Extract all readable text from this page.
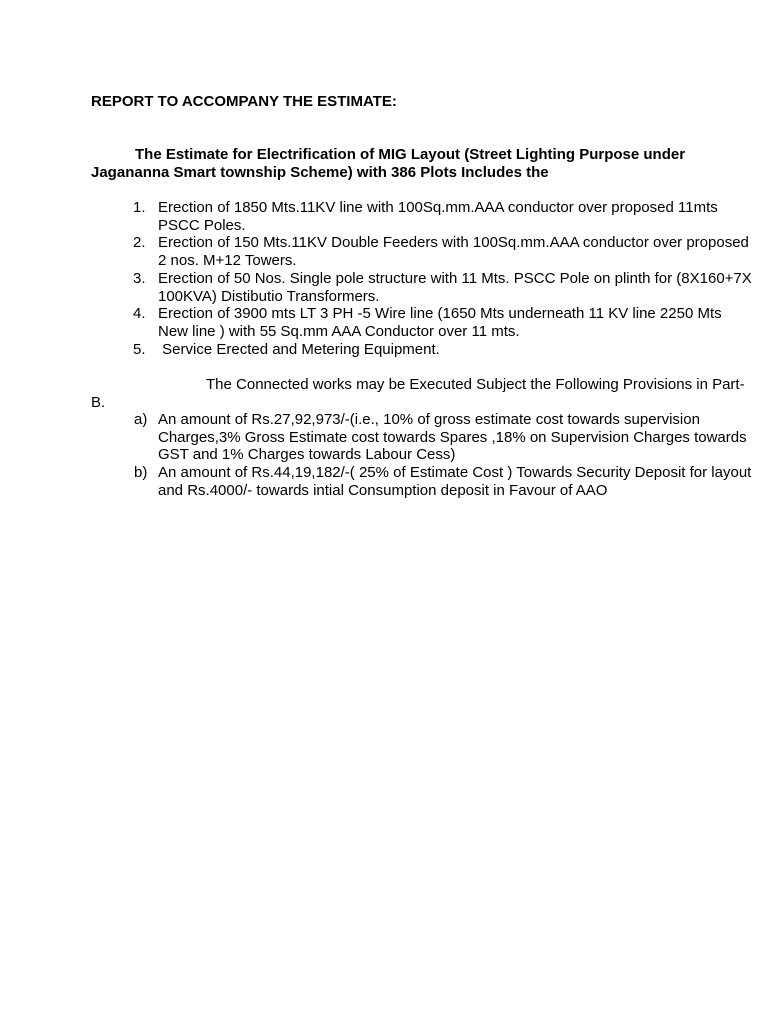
REPORT TO ACCOMPANY THE ESTIMATE:

The Estimate for Electrification of MIG Layout (Street Lighting Purpose under Jagananna Smart township Scheme) with 386 Plots Includes the

1. Erection of 1850 Mts.11KV line with 100Sq.mm.AAA conductor over proposed 11mts PSCC Poles.
2. Erection of 150 Mts.11KV Double Feeders with 100Sq.mm.AAA conductor over proposed 2 nos. M+12 Towers.
3. Erection of 50 Nos. Single pole structure with 11 Mts. PSCC Pole on plinth for (8X160+7X 100KVA) Distibutio Transformers.
4. Erection of 3900 mts LT 3 PH -5 Wire line (1650 Mts underneath 11 KV line 2250 Mts New line ) with 55 Sq.mm AAA Conductor over 11 mts.
5. Service Erected and Metering Equipment.

The Connected works may be Executed Subject the Following Provisions in Part-B.

a) An amount of Rs.27,92,973/-(i.e., 10% of gross estimate cost towards supervision Charges,3% Gross Estimate cost towards Spares ,18% on Supervision Charges towards GST and 1% Charges towards Labour Cess)
b) An amount of Rs.44,19,182/-( 25% of Estimate Cost ) Towards Security Deposit for layout and Rs.4000/- towards intial Consumption deposit in Favour of AAO
